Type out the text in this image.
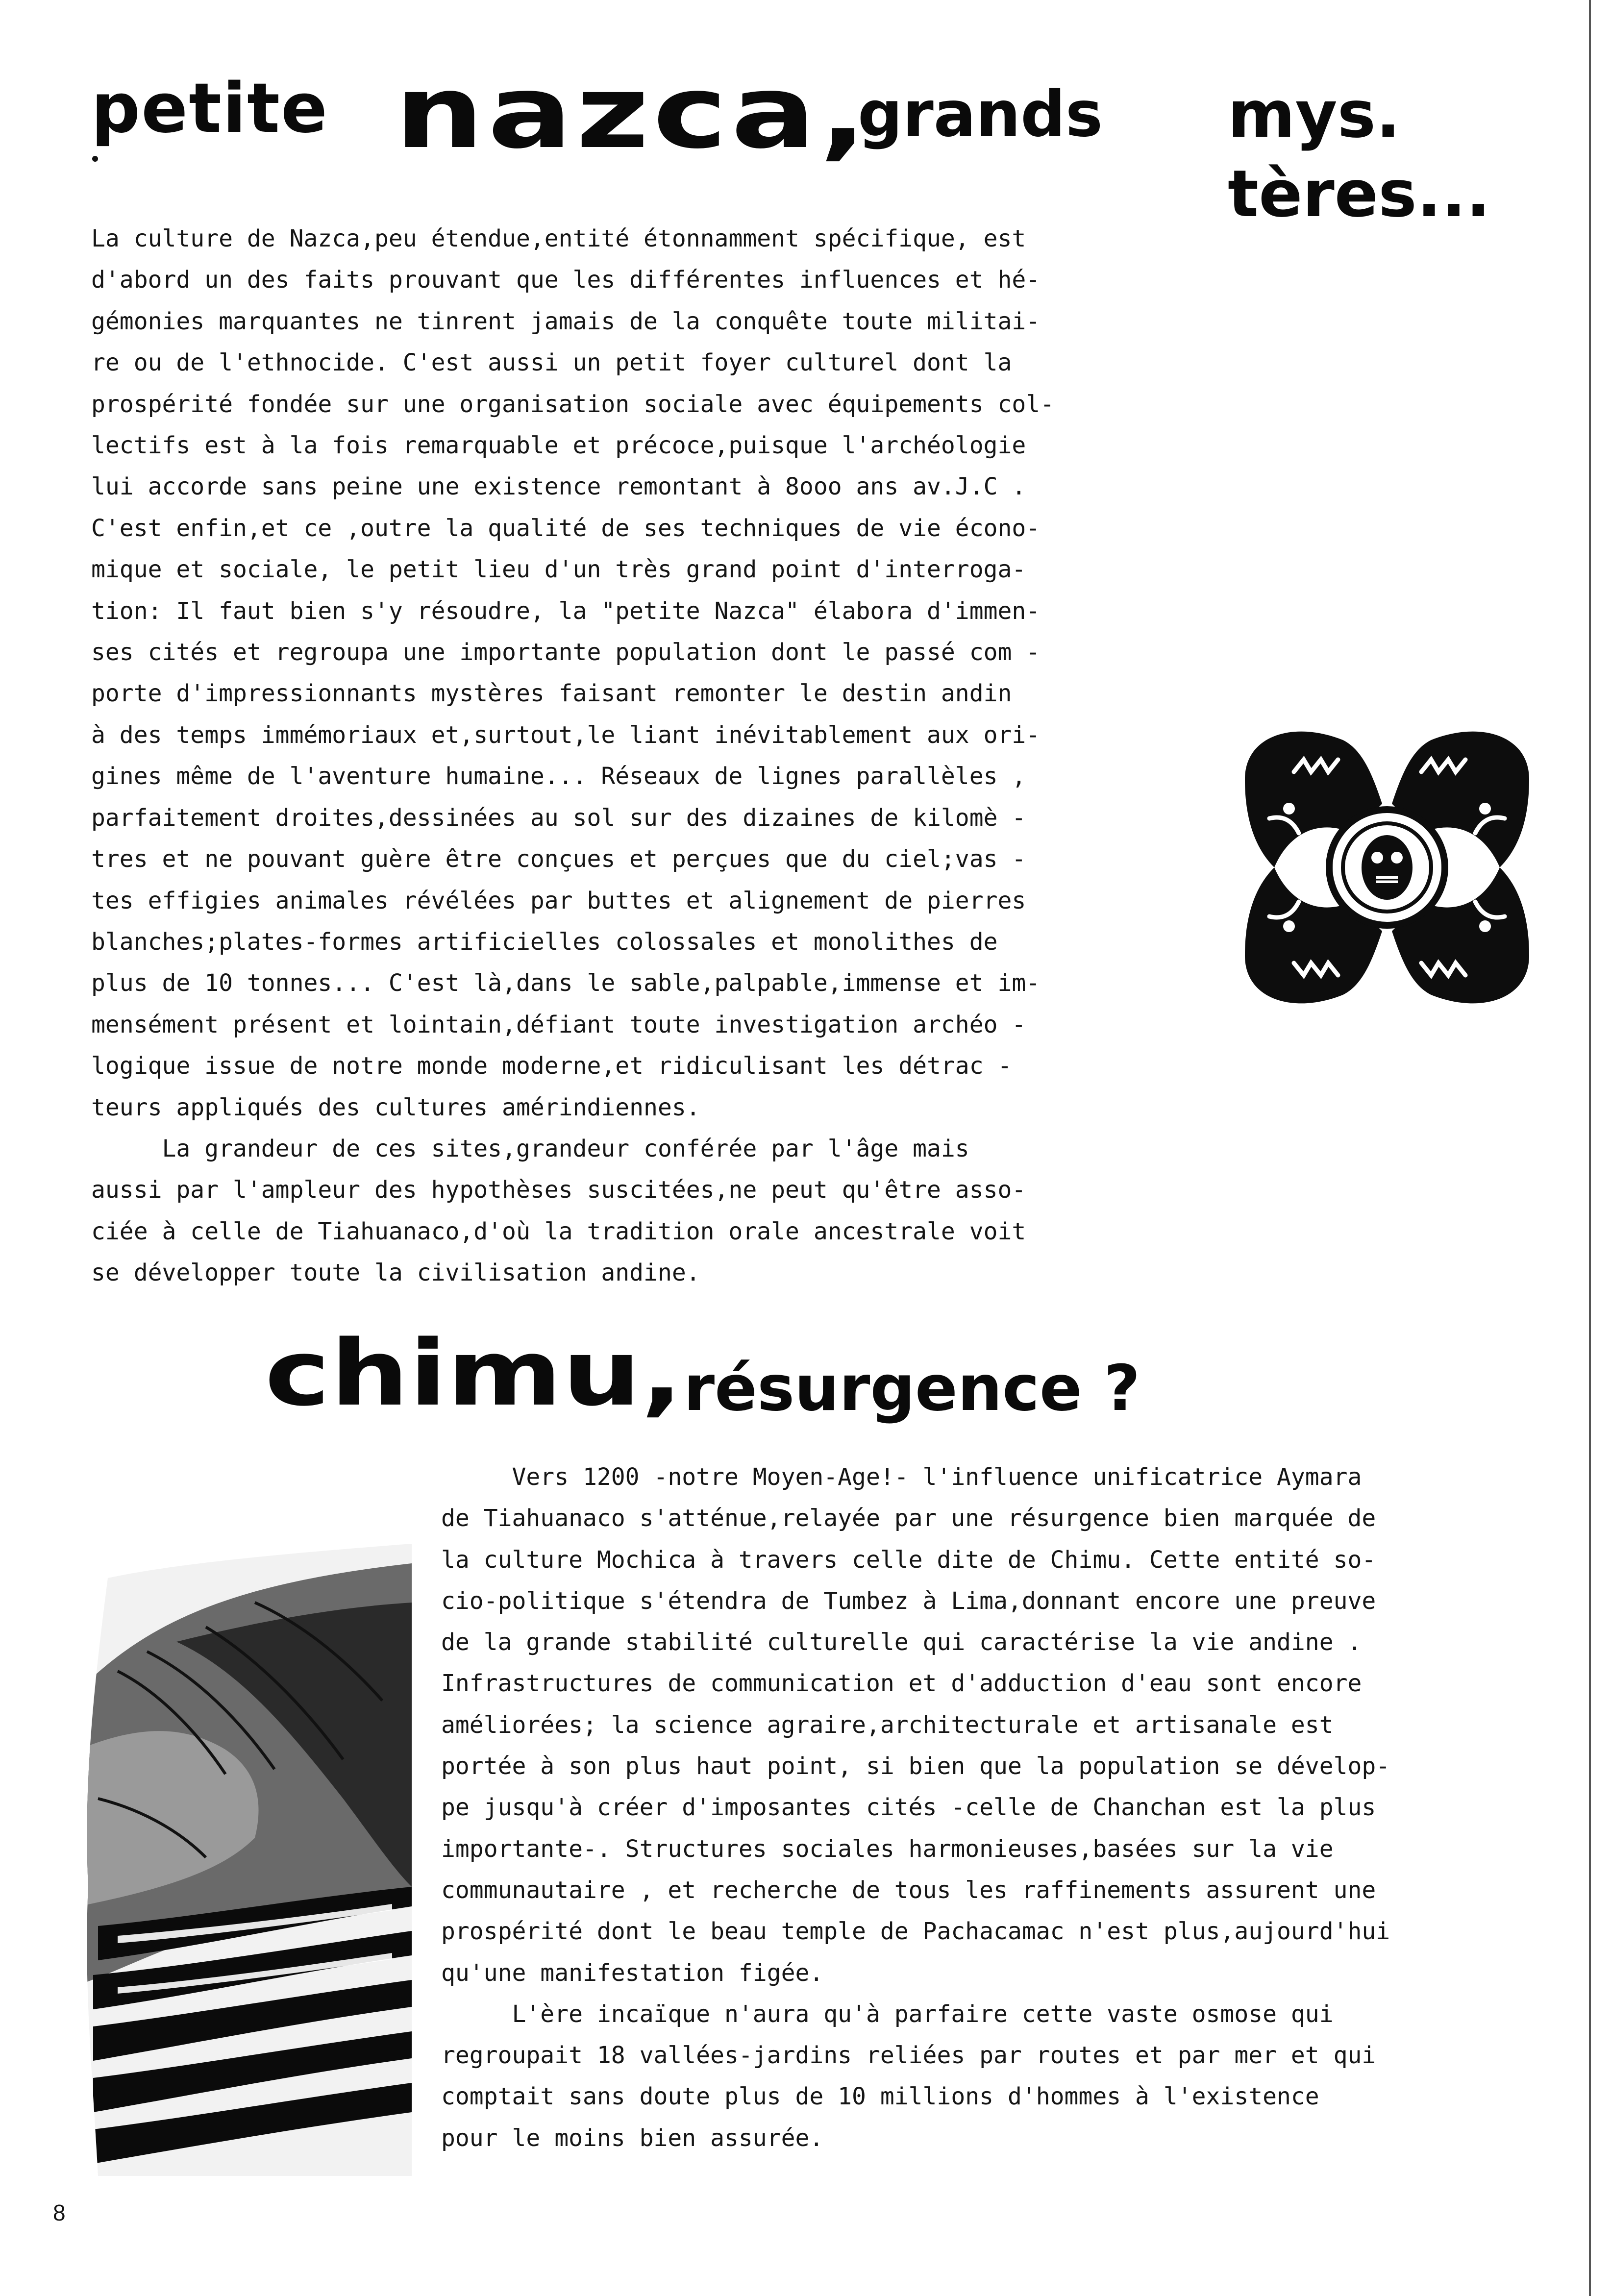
petite nazca,
grands mys.
tères...
La culture de Nazca,peu étendue,entité étonnamment spécifique, est
d'abord un des faits prouvant que les différentes influences et hé-
gémonies marquantes ne tinrent jamais de la conquête toute militai-
re ou de l'ethnocide. C'est aussi un petit foyer culturel dont la
prospérité fondée sur une organisation sociale avec équipements col-
lectifs est à la fois remarquable et précoce,puisque l'archéologie
lui accorde sans peine une existence remontant à 8ooo ans av.J.C .
C'est enfin,et ce ,outre la qualité de ses techniques de vie écono-
mique et sociale, le petit lieu d'un très grand point d'interroga-
tion: Il faut bien s'y résoudre, la "petite Nazca" élabora d'immen-
ses cités et regroupa une importante population dont le passé com -
porte d'impressionnants mystères faisant remonter le destin andin
à des temps immémoriaux et,surtout,le liant inévitablement aux ori-
gines même de l'aventure humaine... Réseaux de lignes parallèles ,
parfaitement droites,dessinées au sol sur des dizaines de kilomè -
tres et ne pouvant guère être conçues et perçues que du ciel;vas -
tes effigies animales révélées par buttes et alignement de pierres
blanches;plates-formes artificielles colossales et monolithes de
plus de 10 tonnes... C'est là,dans le sable,palpable,immense et im-
mensément présent et lointain,défiant toute investigation archéo -
logique issue de notre monde moderne,et ridiculisant les détrac -
teurs appliqués des cultures amérindiennes.
La grandeur de ces sites,grandeur conférée par l'âge mais
aussi par l'ampleur des hypothèses suscitées,ne peut qu'être asso-
ciée à celle de Tiahuanaco,d'où la tradition orale ancestrale voit
se développer toute la civilisation andine.
chimu, résurgence ?
Vers 1200 -notre Moyen-Age!- l'influence unificatrice Aymara
de Tiahuanaco s'atténue,relayée par une résurgence bien marquée de
la culture Mochica à travers celle dite de Chimu. Cette entité so-
cio-politique s'étendra de Tumbez à Lima,donnant encore une preuve
de la grande stabilité culturelle qui caractérise la vie andine .
Infrastructures de communication et d'adduction d'eau sont encore
améliorées; la science agraire,architecturale et artisanale est
portée à son plus haut point, si bien que la population se dévelop-
pe jusqu'à créer d'imposantes cités -celle de Chanchan est la plus
importante-. Structures sociales harmonieuses,basées sur la vie
communautaire , et recherche de tous les raffinements assurent une
prospérité dont le beau temple de Pachacamac n'est plus,aujourd'hui
qu'une manifestation figée.
L'ère incaïque n'aura qu'à parfaire cette vaste osmose qui
regroupait 18 vallées-jardins reliées par routes et par mer et qui
comptait sans doute plus de 10 millions d'hommes à l'existence
pour le moins bien assurée.
8
